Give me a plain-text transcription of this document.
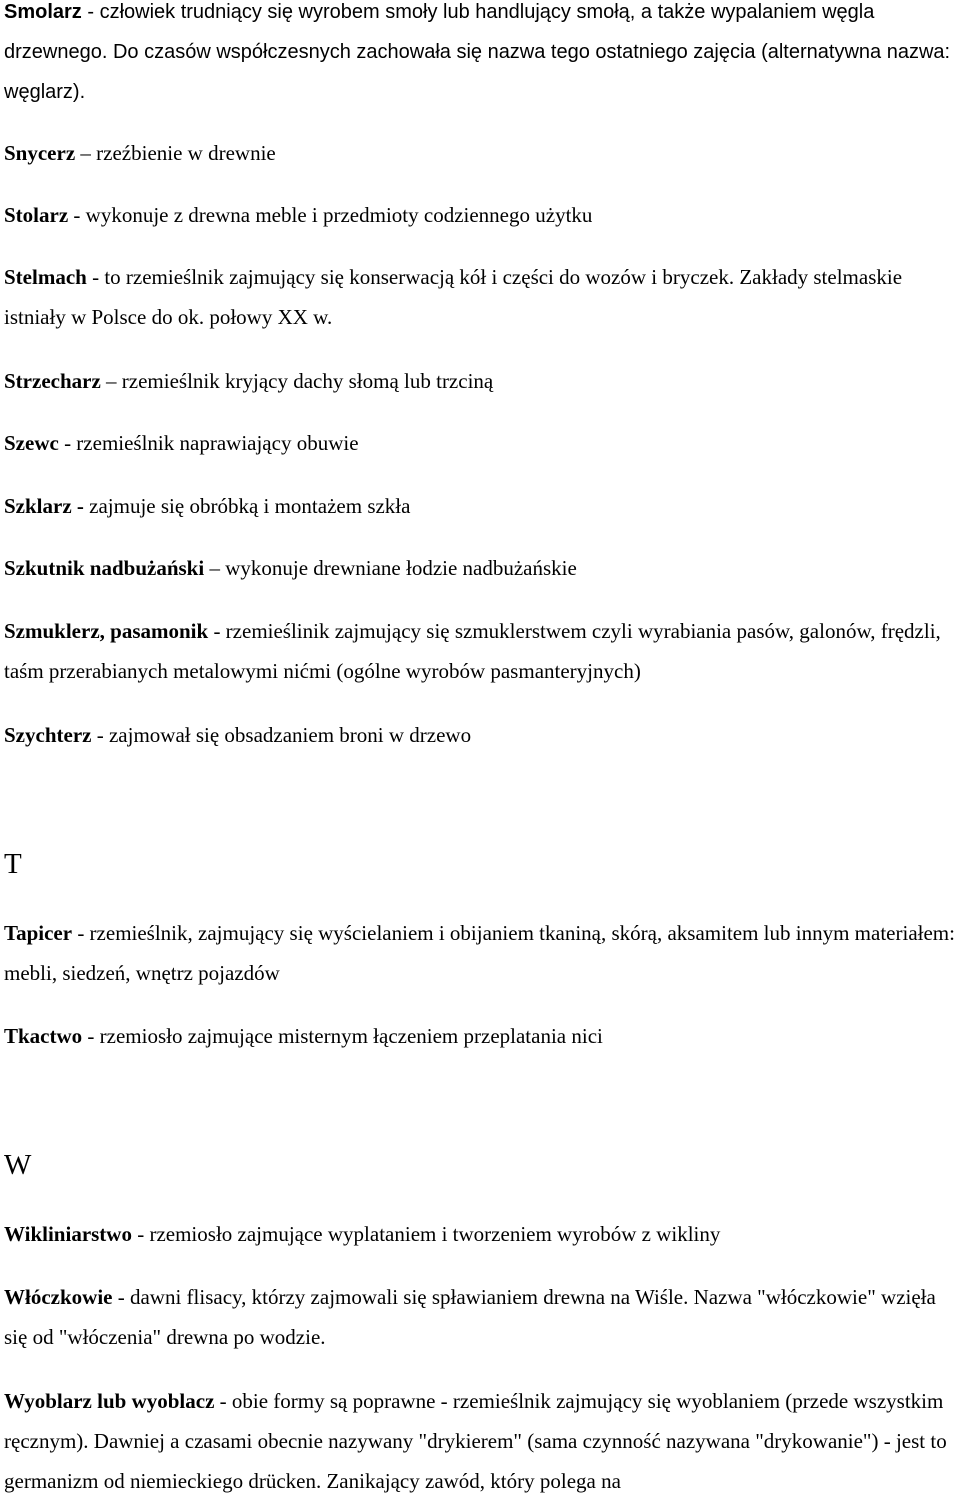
Smolarz - człowiek trudniący się wyrobem smoły lub handlujący smołą, a także wypalaniem węgla drzewnego. Do czasów współczesnych zachowała się nazwa tego ostatniego zajęcia (alternatywna nazwa: węglarz).

Snycerz – rzeźbienie w drewnie

Stolarz - wykonuje z drewna meble i przedmioty codziennego użytku

Stelmach - to rzemieślnik zajmujący się konserwacją kół i części do wozów i bryczek. Zakłady stelmaskie istniały w Polsce do ok. połowy XX w.

Strzecharz – rzemieślnik kryjący dachy słomą lub trzciną

Szewc - rzemieślnik naprawiający obuwie

Szklarz - zajmuje się obróbką i montażem szkła

Szkutnik nadbużański – wykonuje drewniane łodzie nadbużańskie

Szmuklerz, pasamonik - rzemieślinik zajmujący się szmuklerstwem czyli wyrabiania pasów, galonów, frędzli, taśm przerabianych metalowymi nićmi (ogólne wyrobów pasmanteryjnych)

Szychterz - zajmował się obsadzaniem broni w drzewo

T

Tapicer - rzemieślnik, zajmujący się wyścielaniem i obijaniem tkaniną, skórą, aksamitem lub innym materiałem: mebli, siedzeń, wnętrz pojazdów

Tkactwo - rzemiosło zajmujące misternym łączeniem przeplatania nici

W

Wikliniarstwo - rzemiosło zajmujące wyplataniem i tworzeniem wyrobów z wikliny

Włóczkowie - dawni flisacy, którzy zajmowali się spławianiem drewna na Wiśle. Nazwa "włóczkowie" wzięła się od "włóczenia" drewna po wodzie.

Wyoblarz lub wyoblacz - obie formy są poprawne - rzemieślnik zajmujący się wyoblaniem (przede wszystkim ręcznym). Dawniej a czasami obecnie nazywany "drykierem" (sama czynność nazywana "drykowanie") - jest to germanizm od niemieckiego drücken. Zanikający zawód, który polega na
